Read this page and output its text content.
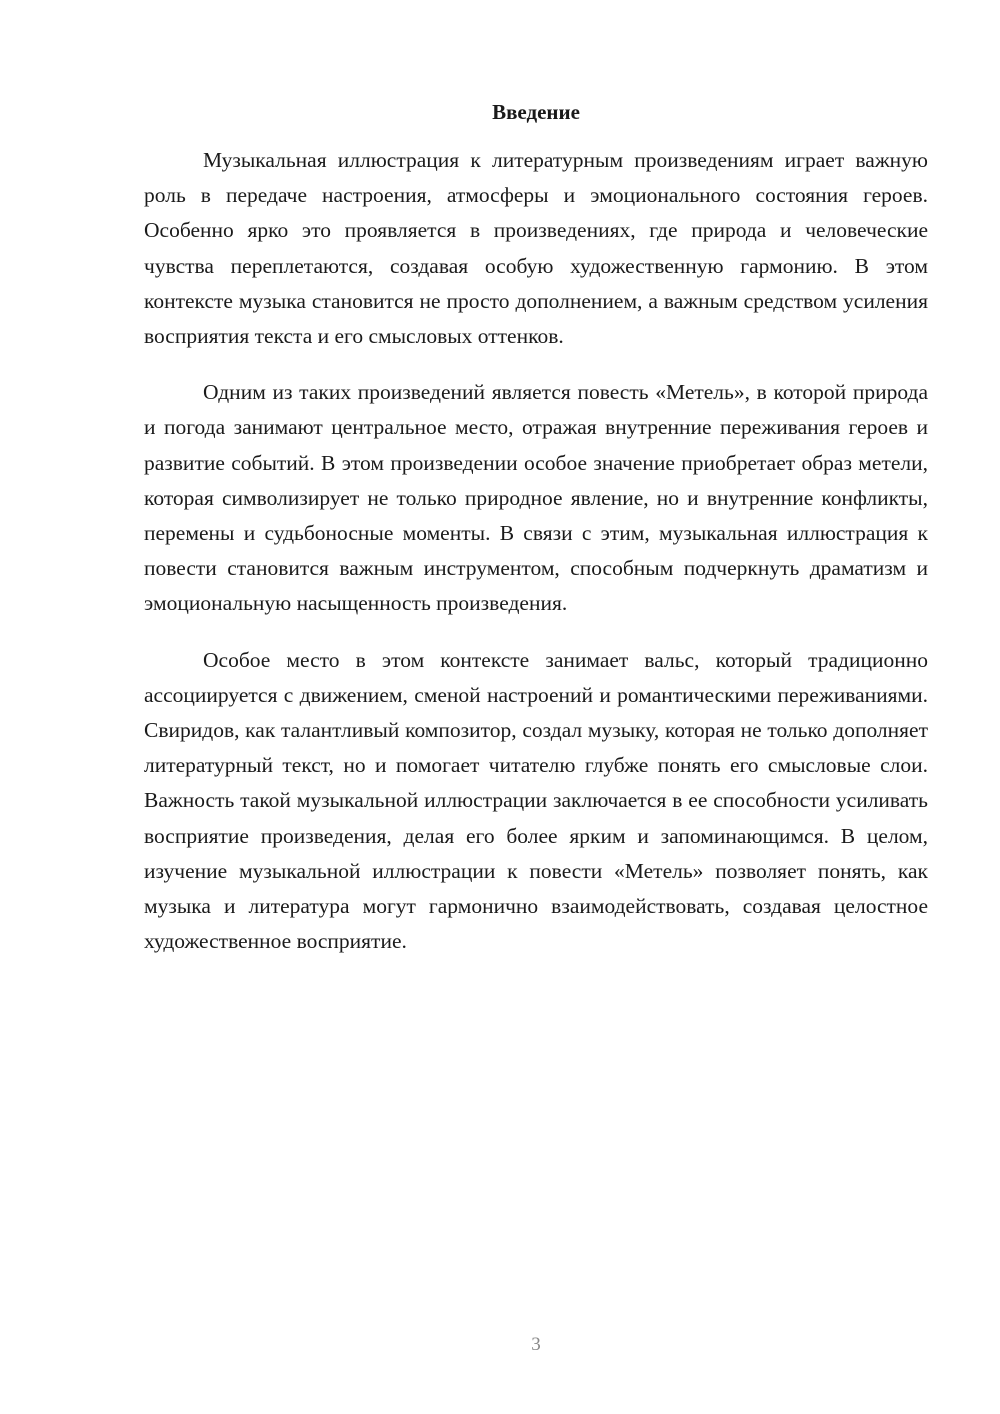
Введение

Музыкальная иллюстрация к литературным произведениям играет важную роль в передаче настроения, атмосферы и эмоционального состояния героев. Особенно ярко это проявляется в произведениях, где природа и человеческие чувства переплетаются, создавая особую художественную гармонию. В этом контексте музыка становится не просто дополнением, а важным средством усиления восприятия текста и его смысловых оттенков.

Одним из таких произведений является повесть «Метель», в которой природа и погода занимают центральное место, отражая внутренние переживания героев и развитие событий. В этом произведении особое значение приобретает образ метели, которая символизирует не только природное явление, но и внутренние конфликты, перемены и судьбоносные моменты. В связи с этим, музыкальная иллюстрация к повести становится важным инструментом, способным подчеркнуть драматизм и эмоциональную насыщенность произведения.

Особое место в этом контексте занимает вальс, который традиционно ассоциируется с движением, сменой настроений и романтическими переживаниями. Свиридов, как талантливый композитор, создал музыку, которая не только дополняет литературный текст, но и помогает читателю глубже понять его смысловые слои. Важность такой музыкальной иллюстрации заключается в ее способности усиливать восприятие произведения, делая его более ярким и запоминающимся. В целом, изучение музыкальной иллюстрации к повести «Метель» позволяет понять, как музыка и литература могут гармонично взаимодействовать, создавая целостное художественное восприятие.

3
